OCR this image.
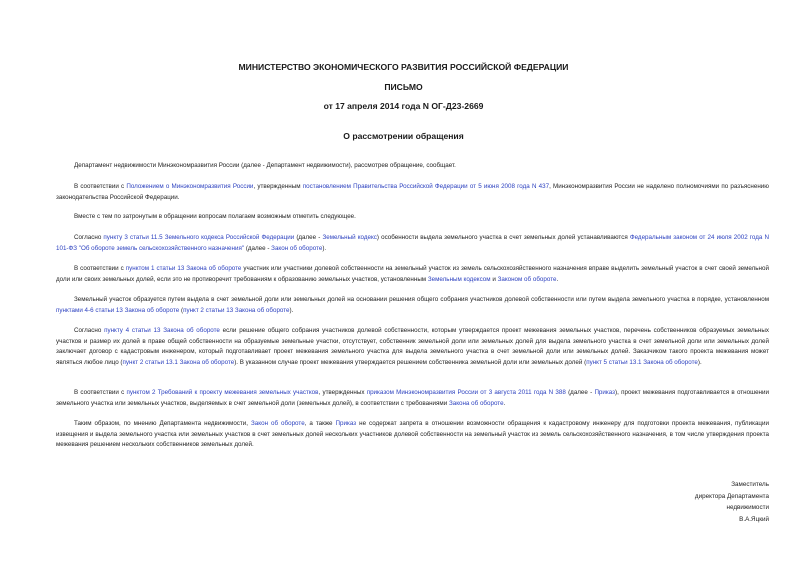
МИНИСТЕРСТВО ЭКОНОМИЧЕСКОГО РАЗВИТИЯ РОССИЙСКОЙ ФЕДЕРАЦИИ
ПИСЬМО
от 17 апреля 2014 года N ОГ-Д23-2669
О рассмотрении обращения
Департамент недвижимости Минэкономразвития России (далее - Департамент недвижимости), рассмотрев обращение, сообщает.
В соответствии с Положением о Минэкономразвития России, утвержденным постановлением Правительства Российской Федерации от 5 июня 2008 года N 437, Минэкономразвития России не наделено полномочиями по разъяснению законодательства Российской Федерации.
Вместе с тем по затронутым в обращении вопросам полагаем возможным отметить следующее.
Согласно пункту 3 статьи 11.5 Земельного кодекса Российской Федерации (далее - Земельный кодекс) особенности выдела земельного участка в счет земельных долей устанавливаются Федеральным законом от 24 июля 2002 года N 101-ФЗ "Об обороте земель сельскохозяйственного назначения" (далее - Закон об обороте).
В соответствии с пунктом 1 статьи 13 Закона об обороте участник или участники долевой собственности на земельный участок из земель сельскохозяйственного назначения вправе выделить земельный участок в счет своей земельной доли или своих земельных долей, если это не противоречит требованиям к образованию земельных участков, установленным Земельным кодексом и Законом об обороте.
Земельный участок образуется путем выдела в счет земельной доли или земельных долей на основании решения общего собрания участников долевой собственности или путем выдела земельного участка в порядке, установленном пунктами 4-6 статьи 13 Закона об обороте (пункт 2 статьи 13 Закона об обороте).
Согласно пункту 4 статьи 13 Закона об обороте если решение общего собрания участников долевой собственности, которым утверждается проект межевания земельных участков, перечень собственников образуемых земельных участков и размер их долей в праве общей собственности на образуемые земельные участки, отсутствует, собственник земельной доли или земельных долей для выдела земельного участка в счет земельной доли или земельных долей заключает договор с кадастровым инженером, который подготавливает проект межевания земельного участка для выдела земельного участка в счет земельной доли или земельных долей. Заказчиком такого проекта межевания может являться любое лицо (пункт 2 статьи 13.1 Закона об обороте). В указанном случае проект межевания утверждается решением собственника земельной доли или земельных долей (пункт 5 статьи 13.1 Закона об обороте).
В соответствии с пунктом 2 Требований к проекту межевания земельных участков, утвержденных приказом Минэкономразвития России от 3 августа 2011 года N 388 (далее - Приказ), проект межевания подготавливается в отношении земельного участка или земельных участков, выделяемых в счет земельной доли (земельных долей), в соответствии с требованиями Закона об обороте.
Таким образом, по мнению Департамента недвижимости, Закон об обороте, а также Приказ не содержат запрета в отношении возможности обращения к кадастровому инженеру для подготовки проекта межевания, публикации извещения и выдела земельного участка или земельных участков в счет земельных долей нескольких участников долевой собственности на земельный участок из земель сельскохозяйственного назначения, в том числе утверждения проекта межевания решением нескольких собственников земельных долей.
Заместитель
директора Департамента
недвижимости
В.А.Яцкий
